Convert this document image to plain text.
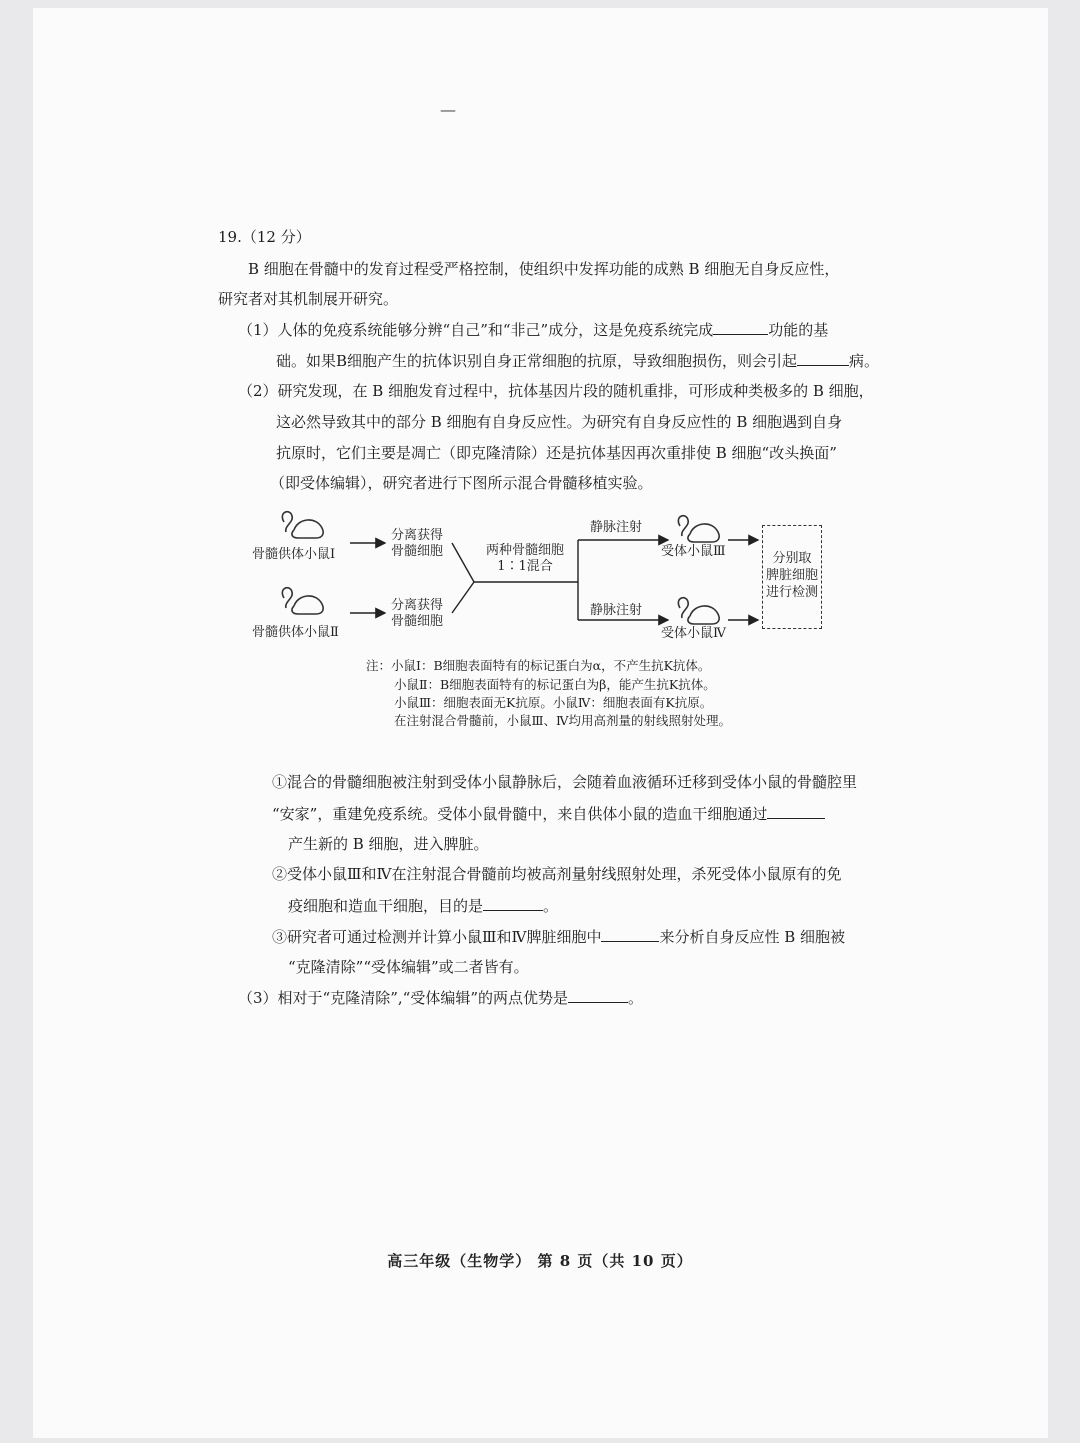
—
19.（12 分）
B 细胞在骨髓中的发育过程受严格控制，使组织中发挥功能的成熟 B 细胞无自身反应性，
研究者对其机制展开研究。
（1）人体的免疫系统能够分辨“自己”和“非己”成分，这是免疫系统完成	功能的基
础。如果B细胞产生的抗体识别自身正常细胞的抗原，导致细胞损伤，则会引起	病。
（2）研究发现，在 B 细胞发育过程中，抗体基因片段的随机重排，可形成种类极多的 B 细胞，
这必然导致其中的部分 B 细胞有自身反应性。为研究有自身反应性的 B 细胞遇到自身
抗原时，它们主要是凋亡（即克隆清除）还是抗体基因再次重排使 B 细胞“改头换面”
（即受体编辑），研究者进行下图所示混合骨髓移植实验。
骨髓供体小鼠Ⅰ
骨髓供体小鼠Ⅱ
分离获得
骨髓细胞
分离获得
骨髓细胞
两种骨髓细胞
1∶1混合
静脉注射
静脉注射
受体小鼠Ⅲ
受体小鼠Ⅳ
分别取
脾脏细胞
进行检测
注：小鼠Ⅰ：B细胞表面特有的标记蛋白为α，不产生抗K抗体。
小鼠Ⅱ：B细胞表面特有的标记蛋白为β，能产生抗K抗体。
小鼠Ⅲ：细胞表面无K抗原。小鼠Ⅳ：细胞表面有K抗原。
在注射混合骨髓前，小鼠Ⅲ、Ⅳ均用高剂量的射线照射处理。
①混合的骨髓细胞被注射到受体小鼠静脉后，会随着血液循环迁移到受体小鼠的骨髓腔里
“安家”，重建免疫系统。受体小鼠骨髓中，来自供体小鼠的造血干细胞通过
产生新的 B 细胞，进入脾脏。
②受体小鼠Ⅲ和Ⅳ在注射混合骨髓前均被高剂量射线照射处理，杀死受体小鼠原有的免
疫细胞和造血干细胞，目的是	。
③研究者可通过检测并计算小鼠Ⅲ和Ⅳ脾脏细胞中	来分析自身反应性 B 细胞被
“克隆清除”“受体编辑”或二者皆有。
（3）相对于“克隆清除”,“受体编辑”的两点优势是	。
高三年级（生物学） 第 8 页（共 10 页）
